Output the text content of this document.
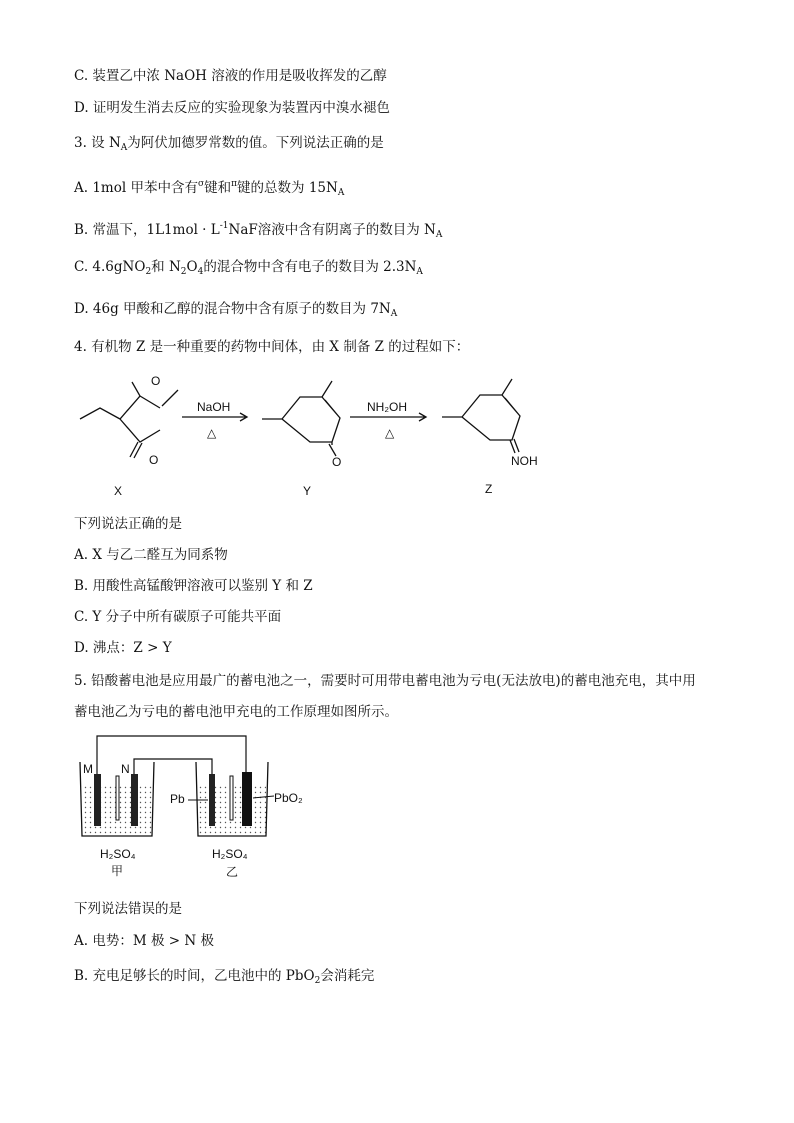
C. 装置乙中浓 NaOH 溶液的作用是吸收挥发的乙醇
D. 证明发生消去反应的实验现象为装置丙中溴水褪色
3. 设 $N_A$为阿伏加德罗常数的值。下列说法正确的是
A. 1mol 甲苯中含有$^\sigma$键和$^\pi$键的总数为 $15N_A$
B. 常温下，$1L1mol \cdot L^{-1}NaF$溶液中含有阴离子的数目为 $N_A$
C. 4.6gNO$_2$和 $N_2O_4$的混合物中含有电子的数目为 $2.3N_A$
D. 46g 甲酸和乙醇的混合物中含有原子的数目为 $7N_A$
4. 有机物 Z 是一种重要的药物中间体，由 X 制备 Z 的过程如下：
O
O	O	NOH
NaOH
△
NH₂OH
△
X	Y	Z
下列说法正确的是
A. X 与乙二醛互为同系物
B. 用酸性高锰酸钾溶液可以鉴别 Y 和 Z
C. Y 分子中所有碳原子可能共平面
D. 沸点：Z > Y
5. 铅酸蓄电池是应用最广的蓄电池之一，需要时可用带电蓄电池为亏电(无法放电)的蓄电池充电，其中用
蓄电池乙为亏电的蓄电池甲充电的工作原理如图所示。
M N
Pb	PbO₂
H₂SO₄	H₂SO₄
甲	乙
下列说法错误的是
A. 电势：M 极 > N 极
B. 充电足够长的时间，乙电池中的 PbO$_2$会消耗完
